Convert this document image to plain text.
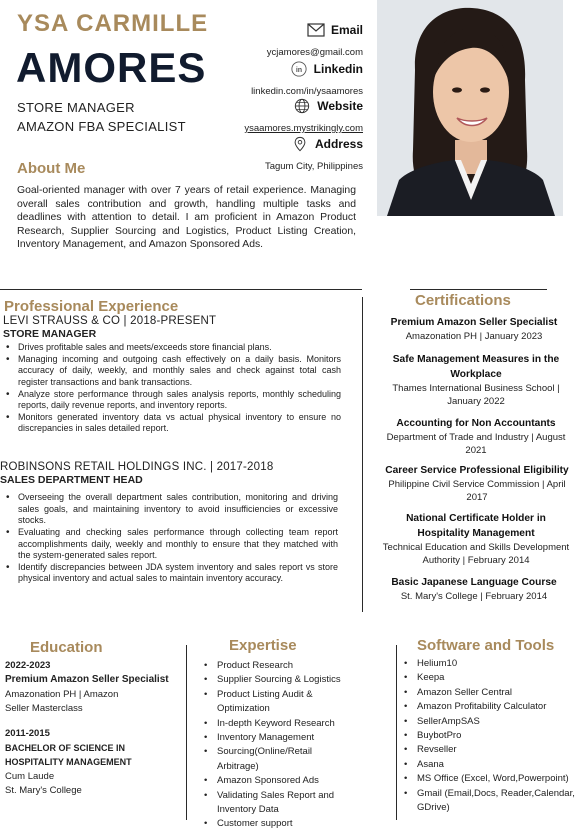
YSA CARMILLE
AMORES
STORE MANAGER
AMAZON FBA SPECIALIST
Email
ycjamores@gmail.com
in Linkedin
linkedin.com/in/ysaamores
Website
ysaamores.mystrikingly.com
Address
Tagum City, Philippines
About Me

Goal-oriented manager with over 7 years of retail experience. Managing overall sales contribution and growth, handling multiple tasks and deadlines with attention to detail. I am proficient in Amazon Product Research, Supplier Sourcing and Logistics, Product Listing Creation, Inventory Management, and Amazon Sponsored Ads.

Professional Experience
LEVI STRAUSS & CO | 2018-PRESENT
STORE MANAGER
• Drives profitable sales and meets/exceeds store financial plans.
• Managing incoming and outgoing cash effectively on a daily basis. Monitors accuracy of daily, weekly, and monthly sales and check against total cash register transactions and bank transactions.
• Analyze store performance through sales analysis reports, monthly scheduling reports, daily revenue reports, and inventory reports.
• Monitors generated inventory data vs actual physical inventory to ensure no discrepancies in sales detailed report.
ROBINSONS RETAIL HOLDINGS INC. | 2017-2018
SALES DEPARTMENT HEAD
• Overseeing the overall department sales contribution, monitoring and driving sales goals, and maintaining inventory to avoid insufficiencies or excessive stocks.
• Evaluating and checking sales performance through collecting team report accomplishments daily, weekly and monthly to ensure that they matched with the system-generated sales report.
• Identify discrepancies between JDA system inventory and sales report vs store physical inventory and actual sales to maintain inventory accuracy.
Certifications
Premium Amazon Seller Specialist
Amazonation PH | January 2023
Safe Management Measures in the Workplace
Thames International Business School | January 2022
Accounting for Non Accountants
Department of Trade and Industry | August 2021
Career Service Professional Eligibility
Philippine Civil Service Commission | April 2017
National Certificate Holder in Hospitality Management
Technical Education and Skills Development Authority | February 2014
Basic Japanese Language Course
St. Mary's College | February 2014
Education
2022-2023
Premium Amazon Seller Specialist
Amazonation PH | Amazon
Seller Masterclass
2011-2015
BACHELOR OF SCIENCE IN HOSPITALITY MANAGEMENT
Cum Laude
St. Mary's College
Expertise
• Product Research
• Supplier Sourcing & Logistics
• Product Listing Audit & Optimization
• In-depth Keyword Research
• Inventory Management
• Sourcing(Online/Retail Arbitrage)
• Amazon Sponsored Ads
• Validating Sales Report and Inventory Data
• Customer support
Software and Tools
• Helium10
• Keepa
• Amazon Seller Central
• Amazon Profitability Calculator
• SellerAmpSAS
• BuybotPro
• Revseller
• Asana
• MS Office (Excel, Word,Powerpoint)
• Gmail (Email,Docs, Reader,Calendar, GDrive)
